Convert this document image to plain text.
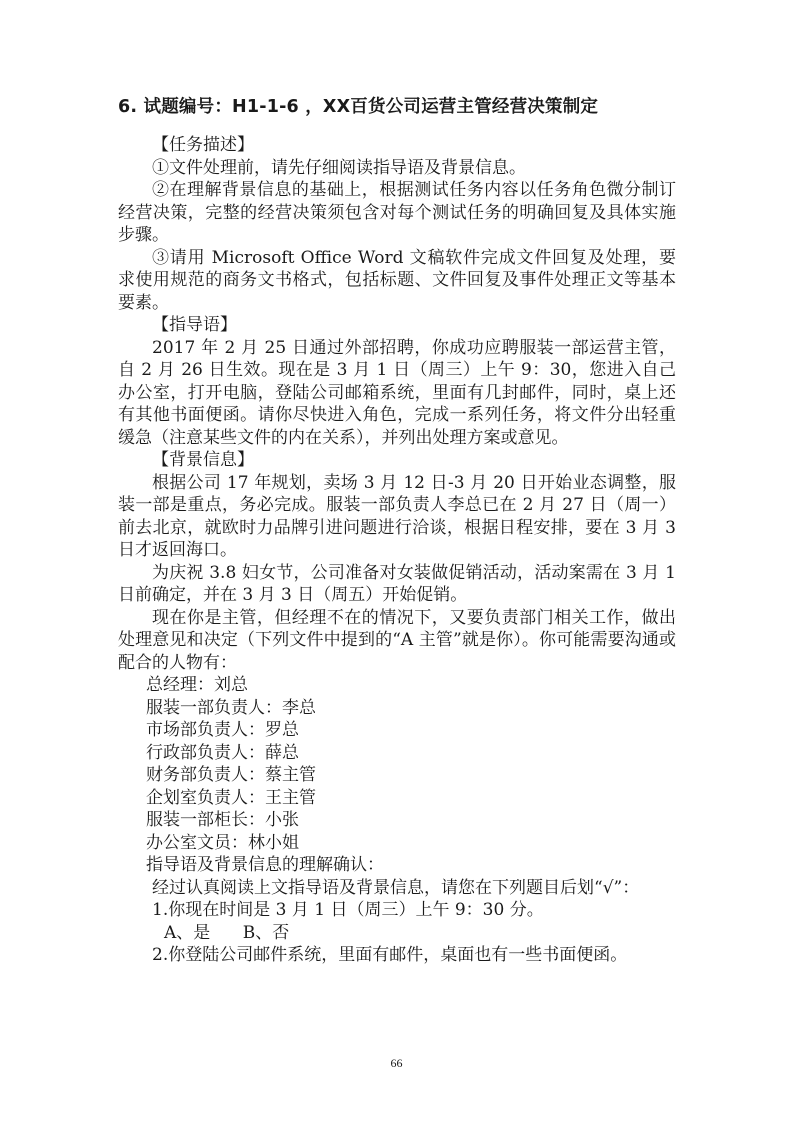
6. 试题编号：H1-1-6 ，XX百货公司运营主管经营决策制定

【任务描述】

①文件处理前，请先仔细阅读指导语及背景信息。

②在理解背景信息的基础上，根据测试任务内容以任务角色微分制订经营决策，完整的经营决策须包含对每个测试任务的明确回复及具体实施步骤。

③请用 Microsoft Office Word 文稿软件完成文件回复及处理，要求使用规范的商务文书格式，包括标题、文件回复及事件处理正文等基本要素。

【指导语】

2017 年 2 月 25 日通过外部招聘，你成功应聘服装一部运营主管，自 2 月 26 日生效。现在是 3 月 1 日（周三）上午 9：30，您进入自己办公室，打开电脑，登陆公司邮箱系统，里面有几封邮件，同时，桌上还有其他书面便函。请你尽快进入角色，完成一系列任务，将文件分出轻重缓急（注意某些文件的内在关系），并列出处理方案或意见。

【背景信息】

根据公司 17 年规划，卖场 3 月 12 日-3 月 20 日开始业态调整，服装一部是重点，务必完成。服装一部负责人李总已在 2 月 27 日（周一）前去北京，就欧时力品牌引进问题进行洽谈，根据日程安排，要在 3 月 3 日才返回海口。

为庆祝 3.8 妇女节，公司准备对女装做促销活动，活动案需在 3 月 1 日前确定，并在 3 月 3 日（周五）开始促销。

现在你是主管，但经理不在的情况下，又要负责部门相关工作，做出处理意见和决定（下列文件中提到的“A 主管”就是你）。你可能需要沟通或配合的人物有：

总经理：刘总

服装一部负责人：李总

市场部负责人：罗总

行政部负责人：薛总

财务部负责人：蔡主管

企划室负责人：王主管

服装一部柜长：小张

办公室文员：林小姐

指导语及背景信息的理解确认：

经过认真阅读上文指导语及背景信息，请您在下列题目后划“√”：

1.你现在时间是 3 月 1 日（周三）上午 9：30 分。

A、是      B、否

2.你登陆公司邮件系统，里面有邮件，桌面也有一些书面便函。

66
